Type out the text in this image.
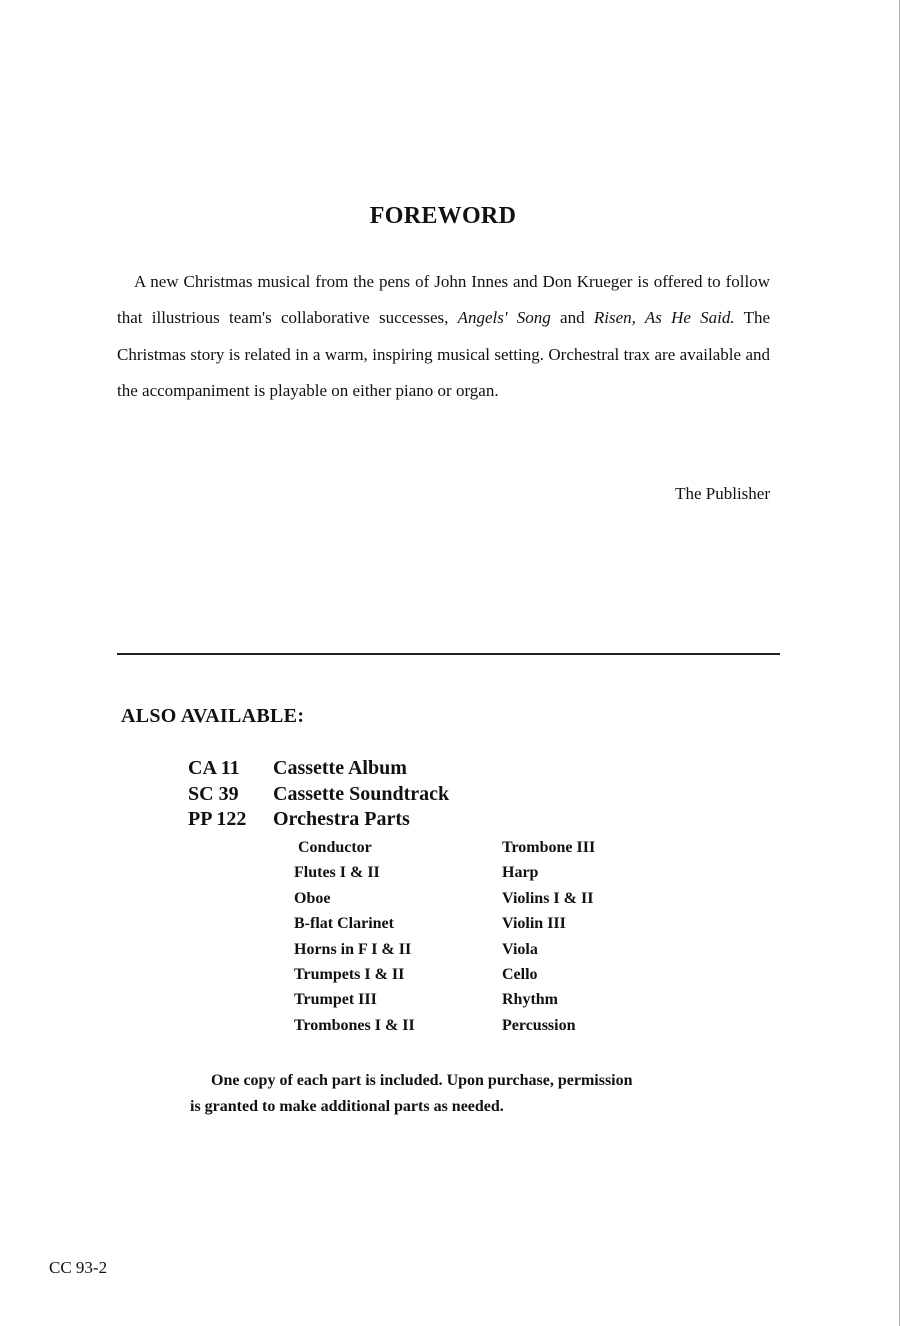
FOREWORD

A new Christmas musical from the pens of John Innes and Don Krueger is offered to follow that illustrious team's collaborative successes, Angels' Song and Risen, As He Said. The Christmas story is related in a warm, inspiring musical setting. Orchestral trax are available and the accompaniment is playable on either piano or organ.

The Publisher
ALSO AVAILABLE:
CA 11 Cassette Album
SC 39 Cassette Soundtrack
PP 122 Orchestra Parts
Conductor
Flutes I & II
Oboe
B-flat Clarinet
Horns in F I & II
Trumpets I & II
Trumpet III
Trombones I & II
Trombone III
Harp
Violins I & II
Violin III
Viola
Cello
Rhythm
Percussion
One copy of each part is included. Upon purchase, permission
is granted to make additional parts as needed.
CC 93-2
